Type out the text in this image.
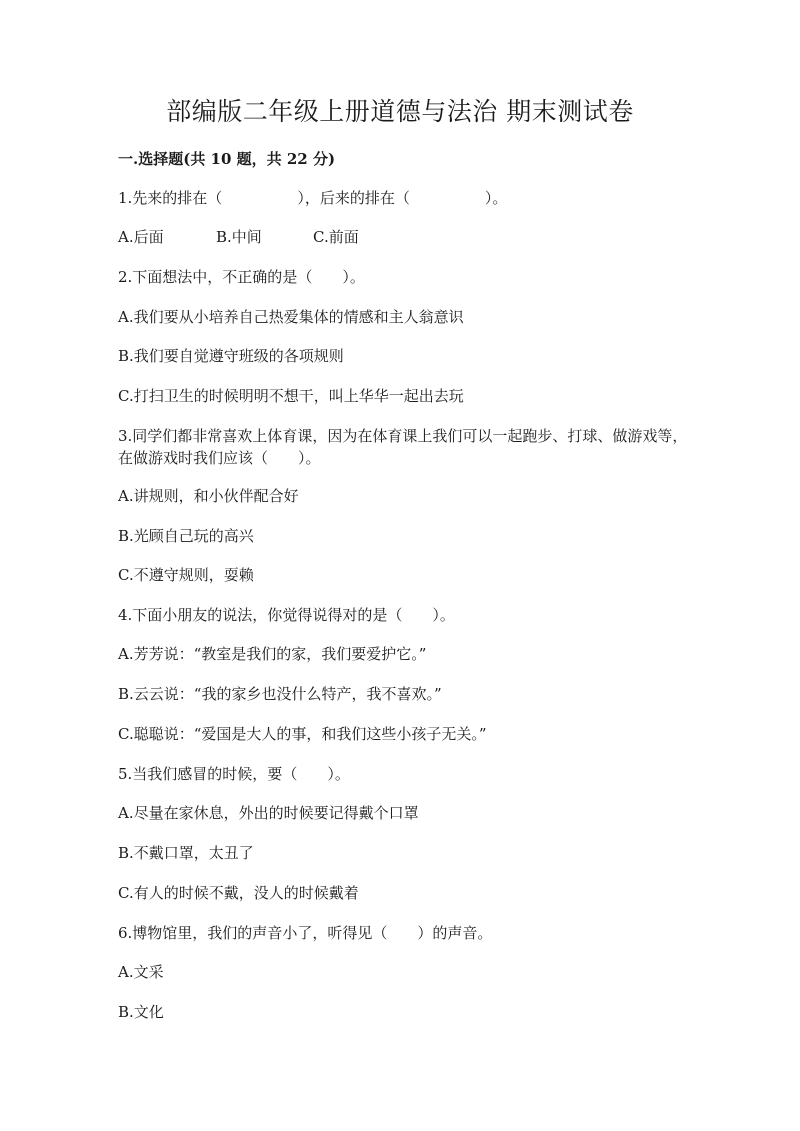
部编版二年级上册道德与法治 期末测试卷
一.选择题(共 10 题，共 22 分)
1.先来的排在（　　　　　），后来的排在（　　　　　）。
A.后面	B.中间	C.前面
2.下面想法中，不正确的是（　　）。
A.我们要从小培养自己热爱集体的情感和主人翁意识
B.我们要自觉遵守班级的各项规则
C.打扫卫生的时候明明不想干，叫上华华一起出去玩
3.同学们都非常喜欢上体育课，因为在体育课上我们可以一起跑步、打球、做游戏等，在做游戏时我们应该（　　）。
A.讲规则，和小伙伴配合好
B.光顾自己玩的高兴
C.不遵守规则，耍赖
4.下面小朋友的说法，你觉得说得对的是（　　）。
A.芳芳说：“教室是我们的家，我们要爱护它。”
B.云云说：“我的家乡也没什么特产，我不喜欢。”
C.聪聪说：“爱国是大人的事，和我们这些小孩子无关。”
5.当我们感冒的时候，要（　　）。
A.尽量在家休息，外出的时候要记得戴个口罩
B.不戴口罩，太丑了
C.有人的时候不戴，没人的时候戴着
6.博物馆里，我们的声音小了，听得见（　　）的声音。
A.文采
B.文化
